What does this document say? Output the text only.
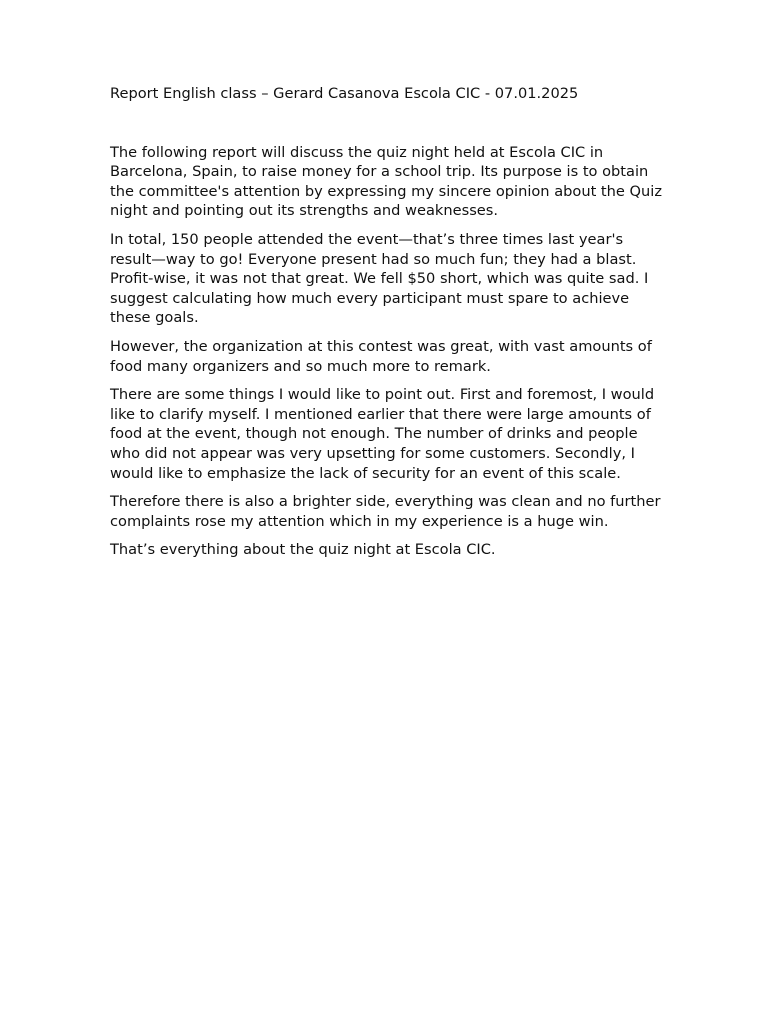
Report English class – Gerard Casanova Escola CIC - 07.01.2025

The following report will discuss the quiz night held at Escola CIC in Barcelona, Spain, to raise money for a school trip. Its purpose is to obtain the committee's attention by expressing my sincere opinion about the Quiz night and pointing out its strengths and weaknesses.

In total, 150 people attended the event—that’s three times last year's result—way to go! Everyone present had so much fun; they had a blast. Profit-wise, it was not that great. We fell $50 short, which was quite sad. I suggest calculating how much every participant must spare to achieve these goals.

However, the organization at this contest was great, with vast amounts of food many organizers and so much more to remark.

There are some things I would like to point out. First and foremost, I would like to clarify myself. I mentioned earlier that there were large amounts of food at the event, though not enough. The number of drinks and people who did not appear was very upsetting for some customers. Secondly, I would like to emphasize the lack of security for an event of this scale.

Therefore there is also a brighter side, everything was clean and no further complaints rose my attention which in my experience is a huge win.

That’s everything about the quiz night at Escola CIC.
